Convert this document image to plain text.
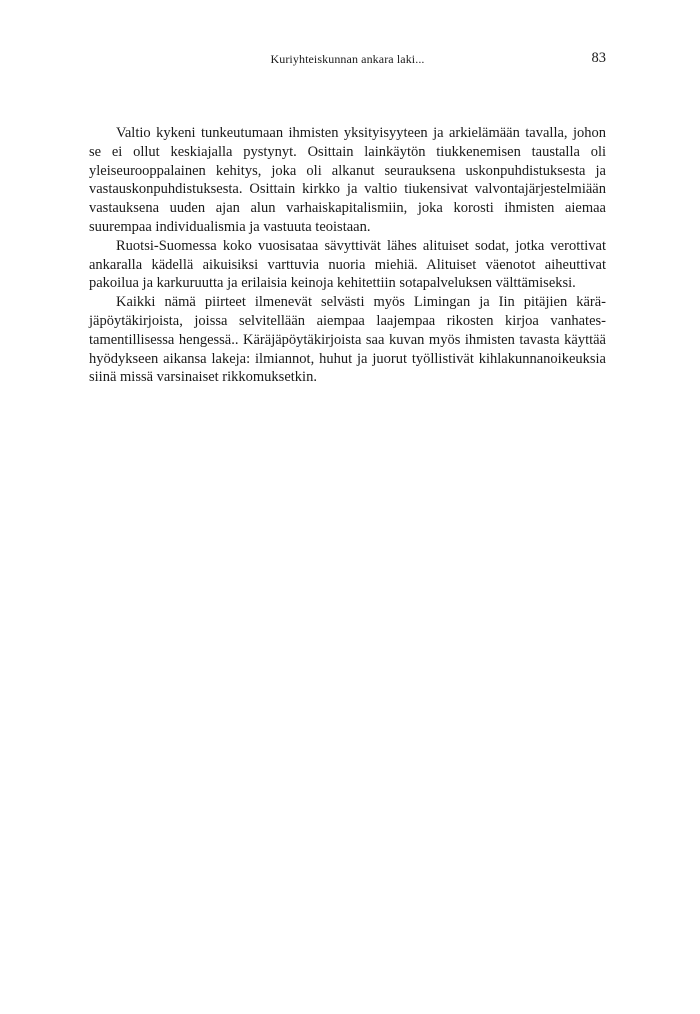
Kuriyhteiskunnan ankara laki...	83

Valtio kykeni tunkeutumaan ihmisten yksityisyyteen ja arkielämään tavalla, johon se ei ollut keskiajalla pystynyt. Osittain lainkäytön tiukkenemisen taustalla oli yleiseurooppalainen kehitys, joka oli alkanut seurauksena uskonpuhdistuksesta ja vastauskonpuhdistuksesta. Osittain kirkko ja valtio tiukensivat valvontajärjestelmiään vastauksena uuden ajan alun varhaiskapitalismiin, joka korosti ihmisten aiemaa suurempaa individualismia ja vastuuta teoistaan.

Ruotsi-Suomessa koko vuosisataa sävyttivät lähes alituiset sodat, jotka verottivat ankaralla kädellä aikuisiksi varttuvia nuoria miehiä. Alituiset väenotot aiheuttivat pakoilua ja karkuruutta ja erilaisia keinoja kehitettiin sotapalveluksen välttämiseksi.

Kaikki nämä piirteet ilmenevät selvästi myös Limingan ja Iin pitäjien käräjäpöytäkirjoista, joissa selvitellään aiempaa laajempaa rikosten kirjoa vanhatestamentillisessa hengessä.. Käräjäpöytäkirjoista saa kuvan myös ihmisten tavasta käyttää hyödykseen aikansa lakeja: ilmiannot, huhut ja juorut työllistivät kihlakunnanoikeuksia siinä missä varsinaiset rikkomuksetkin.
